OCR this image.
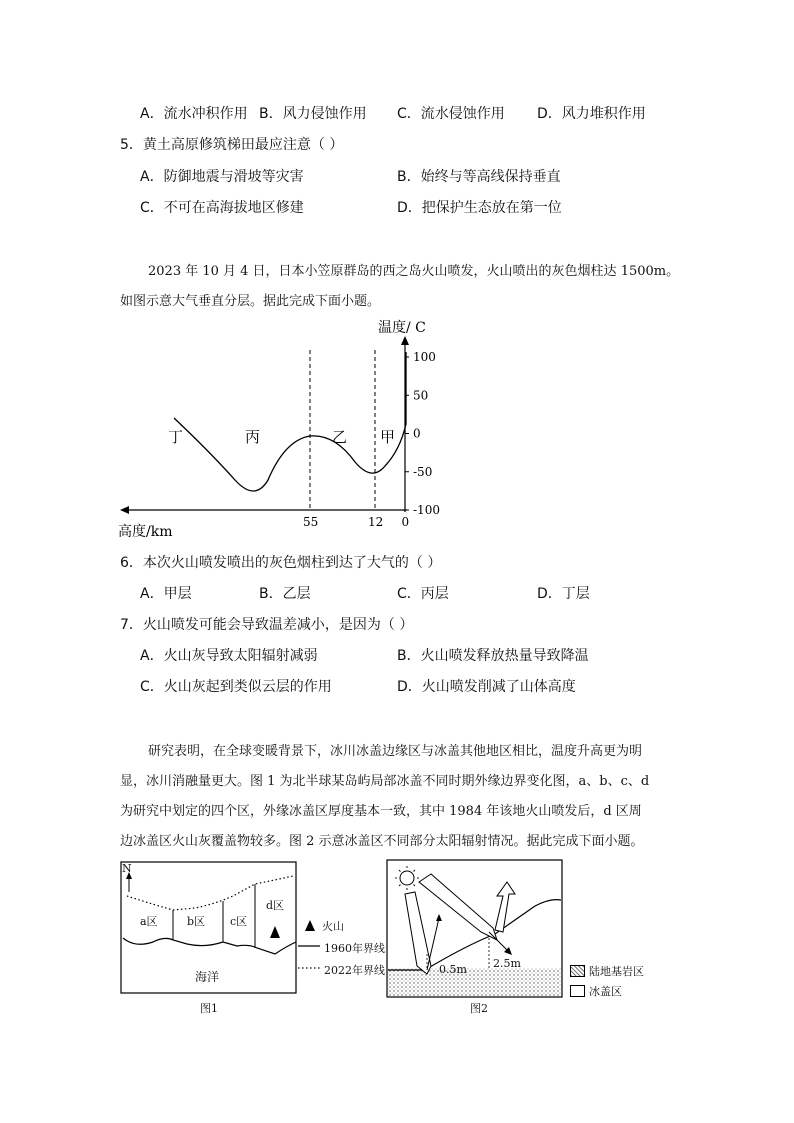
A．流水冲积作用 B．风力侵蚀作用 C．流水侵蚀作用 D．风力堆积作用
5．黄土高原修筑梯田最应注意（ ）
A．防御地震与滑坡等灾害	B．始终与等高线保持垂直
C．不可在高海拔地区修建	D．把保护生态放在第一位
2023 年 10 月 4 日，日本小笠原群岛的西之岛火山喷发，火山喷出的灰色烟柱达 1500m。
如图示意大气垂直分层。据此完成下面小题。
100
50
0
-50
-100
55	12 0
温度/ C
高度/km
丁	丙	乙 甲
6．本次火山喷发喷出的灰色烟柱到达了大气的（ ）
A．甲层	B．乙层	C．丙层	D．丁层
7．火山喷发可能会导致温差减小，是因为（ ）
A．火山灰导致太阳辐射减弱	B．火山喷发释放热量导致降温
C．火山灰起到类似云层的作用	D．火山喷发削减了山体高度
研究表明，在全球变暖背景下，冰川冰盖边缘区与冰盖其他地区相比，温度升高更为明
显，冰川消融量更大。图 1 为北半球某岛屿局部冰盖不同时期外缘边界变化图，a、b、c、d
为研究中划定的四个区，外缘冰盖区厚度基本一致，其中 1984 年该地火山喷发后，d 区周
边冰盖区火山灰覆盖物较多。图 2 示意冰盖区不同部分太阳辐射情况。据此完成下面小题。
N
a区	b区 c区
d区
海洋
火山
1960年界线
2022年界线
图1
0.5m 2.5m
陆地基岩区
冰盖区
图2
